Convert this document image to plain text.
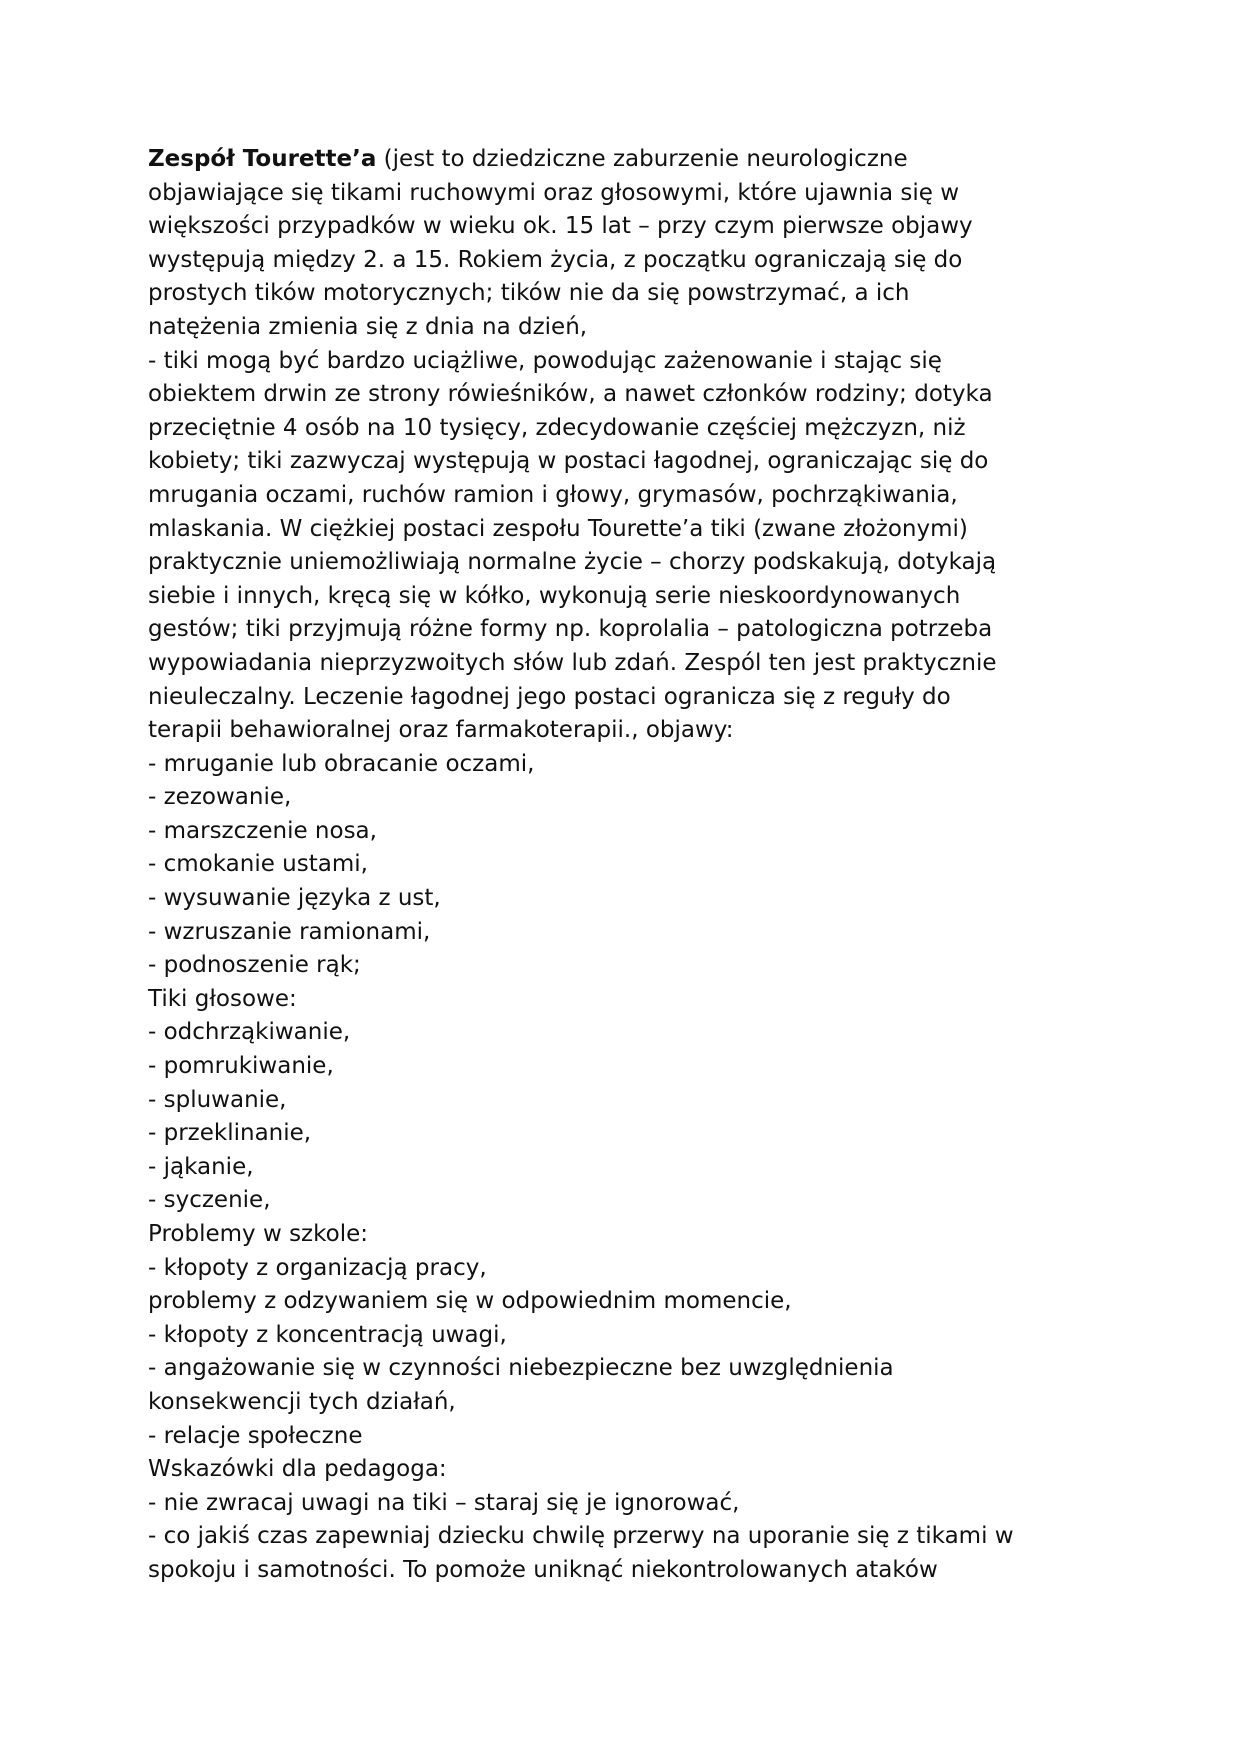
Zespół Tourette’a (jest to dziedziczne zaburzenie neurologiczne
objawiające się tikami ruchowymi oraz głosowymi, które ujawnia się w
większości przypadków w wieku ok. 15 lat – przy czym pierwsze objawy
występują między 2. a 15. Rokiem życia, z początku ograniczają się do
prostych tików motorycznych; tików nie da się powstrzymać, a ich
natężenia zmienia się z dnia na dzień,
- tiki mogą być bardzo uciążliwe, powodując zażenowanie i stając się
obiektem drwin ze strony rówieśników, a nawet członków rodziny; dotyka
przeciętnie 4 osób na 10 tysięcy, zdecydowanie częściej mężczyzn, niż
kobiety; tiki zazwyczaj występują w postaci łagodnej, ograniczając się do
mrugania oczami, ruchów ramion i głowy, grymasów, pochrząkiwania,
mlaskania. W ciężkiej postaci zespołu Tourette’a tiki (zwane złożonymi)
praktycznie uniemożliwiają normalne życie – chorzy podskakują, dotykają
siebie i innych, kręcą się w kółko, wykonują serie nieskoordynowanych
gestów; tiki przyjmują różne formy np. koprolalia – patologiczna potrzeba
wypowiadania nieprzyzwoitych słów lub zdań. Zespól ten jest praktycznie
nieuleczalny. Leczenie łagodnej jego postaci ogranicza się z reguły do
terapii behawioralnej oraz farmakoterapii., objawy:
- mruganie lub obracanie oczami,
- zezowanie,
- marszczenie nosa,
- cmokanie ustami,
- wysuwanie języka z ust,
- wzruszanie ramionami,
- podnoszenie rąk;
Tiki głosowe:
- odchrząkiwanie,
- pomrukiwanie,
- spluwanie,
- przeklinanie,
- jąkanie,
- syczenie,
Problemy w szkole:
- kłopoty z organizacją pracy,
problemy z odzywaniem się w odpowiednim momencie,
- kłopoty z koncentracją uwagi,
- angażowanie się w czynności niebezpieczne bez uwzględnienia
konsekwencji tych działań,
- relacje społeczne
Wskazówki dla pedagoga:
- nie zwracaj uwagi na tiki – staraj się je ignorować,
- co jakiś czas zapewniaj dziecku chwilę przerwy na uporanie się z tikami w
spokoju i samotności. To pomoże uniknąć niekontrolowanych ataków
